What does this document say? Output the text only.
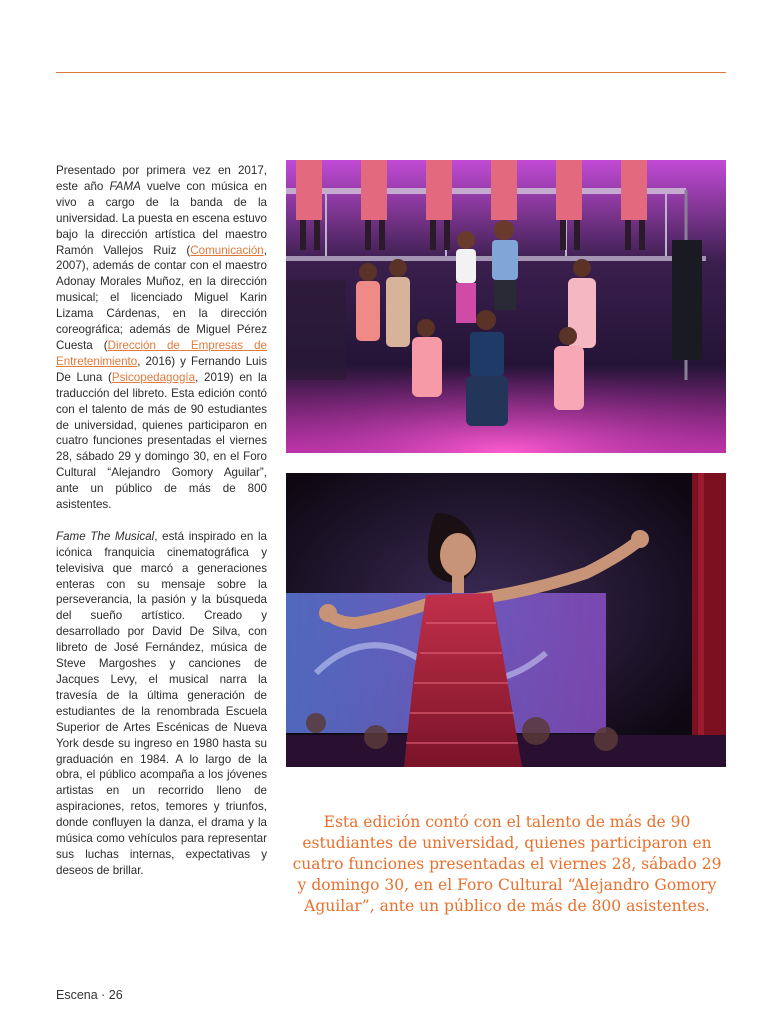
Presentado por primera vez en 2017, este año FAMA vuelve con música en vivo a cargo de la banda de la universidad. La puesta en escena estuvo bajo la dirección artística del maestro Ramón Vallejos Ruiz (Comunicación, 2007), además de contar con el maestro Adonay Morales Muñoz, en la dirección musical; el licenciado Miguel Karin Lizama Cárdenas, en la dirección coreográfica; además de Miguel Pérez Cuesta (Dirección de Empresas de Entretenimiento, 2016) y Fernando Luis De Luna (Psicopedagogía, 2019) en la traducción del libreto. Esta edición contó con el talento de más de 90 estudiantes de universidad, quienes participaron en cuatro funciones presentadas el viernes 28, sábado 29 y domingo 30, en el Foro Cultural “Alejandro Gomory Aguilar”, ante un público de más de 800 asistentes.

Fame The Musical, está inspirado en la icónica franquicia cinematográfica y televisiva que marcó a generaciones enteras con su mensaje sobre la perseverancia, la pasión y la búsqueda del sueño artístico. Creado y desarrollado por David De Silva, con libreto de José Fernández, música de Steve Margoshes y canciones de Jacques Levy, el musical narra la travesía de la última generación de estudiantes de la renombrada Escuela Superior de Artes Escénicas de Nueva York desde su ingreso en 1980 hasta su graduación en 1984. A lo largo de la obra, el público acompaña a los jóvenes artistas en un recorrido lleno de aspiraciones, retos, temores y triunfos, donde confluyen la danza, el drama y la música como vehículos para representar sus luchas internas, expectativas y deseos de brillar.

Esta edición contó con el talento de más de 90 estudiantes de universidad, quienes participaron en cuatro funciones presentadas el viernes 28, sábado 29 y domingo 30, en el Foro Cultural “Alejandro Gomory Aguilar”, ante un público de más de 800 asistentes.
Escena · 26
